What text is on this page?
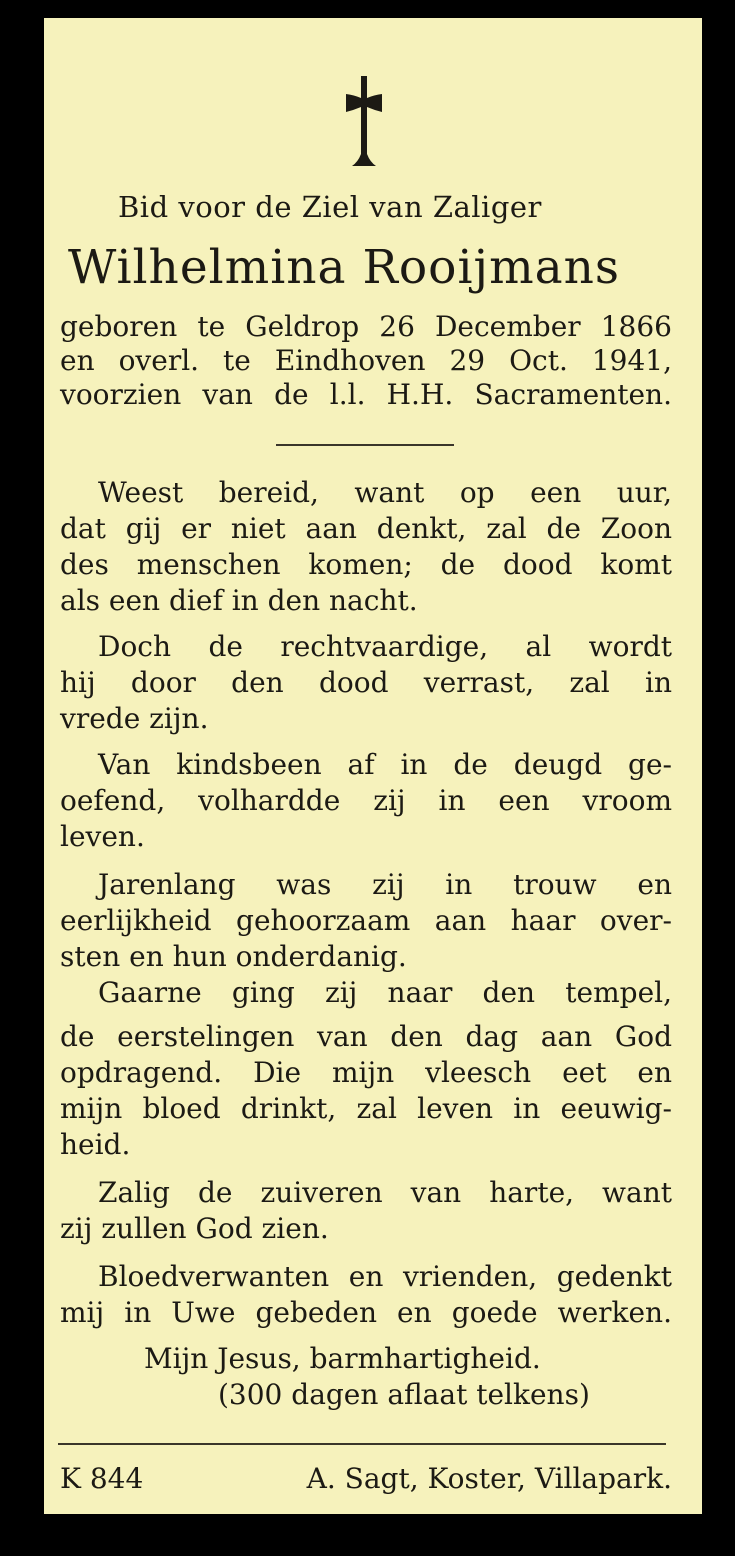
Bid voor de Ziel van Zaliger

Wilhelmina Rooijmans

geboren te Geldrop 26 December 1866

en overl. te Eindhoven 29 Oct. 1941,

voorzien van de l.l. H.H. Sacramenten.

Weest bereid, want op een uur,

dat gij er niet aan denkt, zal de Zoon

des menschen komen; de dood komt

als een dief in den nacht.

Doch de rechtvaardige, al wordt

hij door den dood verrast, zal in

vrede zijn.

Van kindsbeen af in de deugd ge-

oefend, volhardde zij in een vroom

leven.

Jarenlang was zij in trouw en

eerlijkheid gehoorzaam aan haar over-

sten en hun onderdanig.

Gaarne ging zij naar den tempel,

de eerstelingen van den dag aan God

opdragend. Die mijn vleesch eet en

mijn bloed drinkt, zal leven in eeuwig-

heid.

Zalig de zuiveren van harte, want

zij zullen God zien.

Bloedverwanten en vrienden, gedenkt

mij in Uwe gebeden en goede werken.

Mijn Jesus, barmhartigheid.

(300 dagen aflaat telkens)

K 844	A. Sagt, Koster, Villapark.
